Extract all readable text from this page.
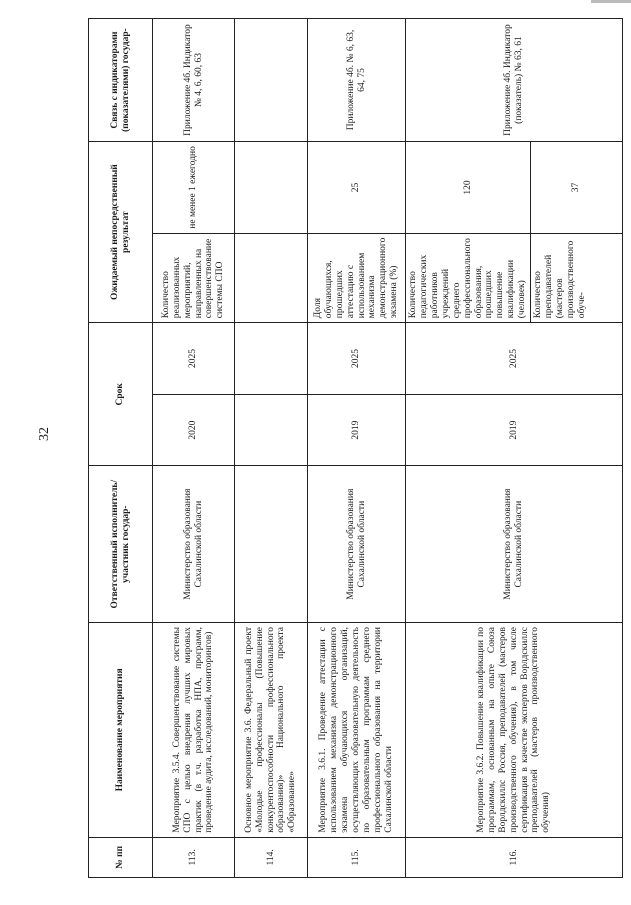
32
№ пп	Наименование мероприятия	Ответственный исполнитель/участник государ-	Срок		Ожидаемый непосредственный результат		Связь с индикаторами (показателями) государ-
113.	Мероприятие 3.5.4. Совершенствование системы СПО с целью внедрения лучших мировых практик (в т.ч. разработка НПА, программ, проведение аудита, исследований, мониторингов)	Министерство образования Сахалинской области	2020	2025	Количество реализованных мероприятий, направленных на совершенствование системы СПО	не менее 1 ежегодно	Приложение 4б. Индикатор № 4, 6, 60, 63
114.	Основное мероприятие 3.6. Федеральный проект «Молодые профессионалы (Повышение конкурентоспособности профессионального образования)» Национального проекта «Образование»						
115.	Мероприятие 3.6.1. Проведение аттестации с использованием механизма демонстрационного экзамена обучающихся организаций, осуществляющих образовательную деятельность по образовательным программам среднего профессионального образования на территории Сахалинской области	Министерство образования Сахалинской области	2019	2025	Доля обучающихся, прошедших аттестацию с использованием механизма демонстрационного экзамена (%)	25	Приложение 4б. № 6, 63, 64, 75
116.	Мероприятие 3.6.2. Повышение квалификации по программам, основанным на опыте Союза Ворлдскиллс Россия, преподавателей (мастеров производственного обучения), в том числе сертификация в качестве экспертов Ворлдскиллс преподавателей (мастеров производственного обучения)	Министерство образования Сахалинской области	2019	2025	Количество педагогических работников учреждений среднего профессионального образования, прошедших повышение квалификации (человек)	120	Приложение 4б. Индикатор (показатель) № 63, 61
					Количество преподавателей (мастеров производственного обуче-	37	
